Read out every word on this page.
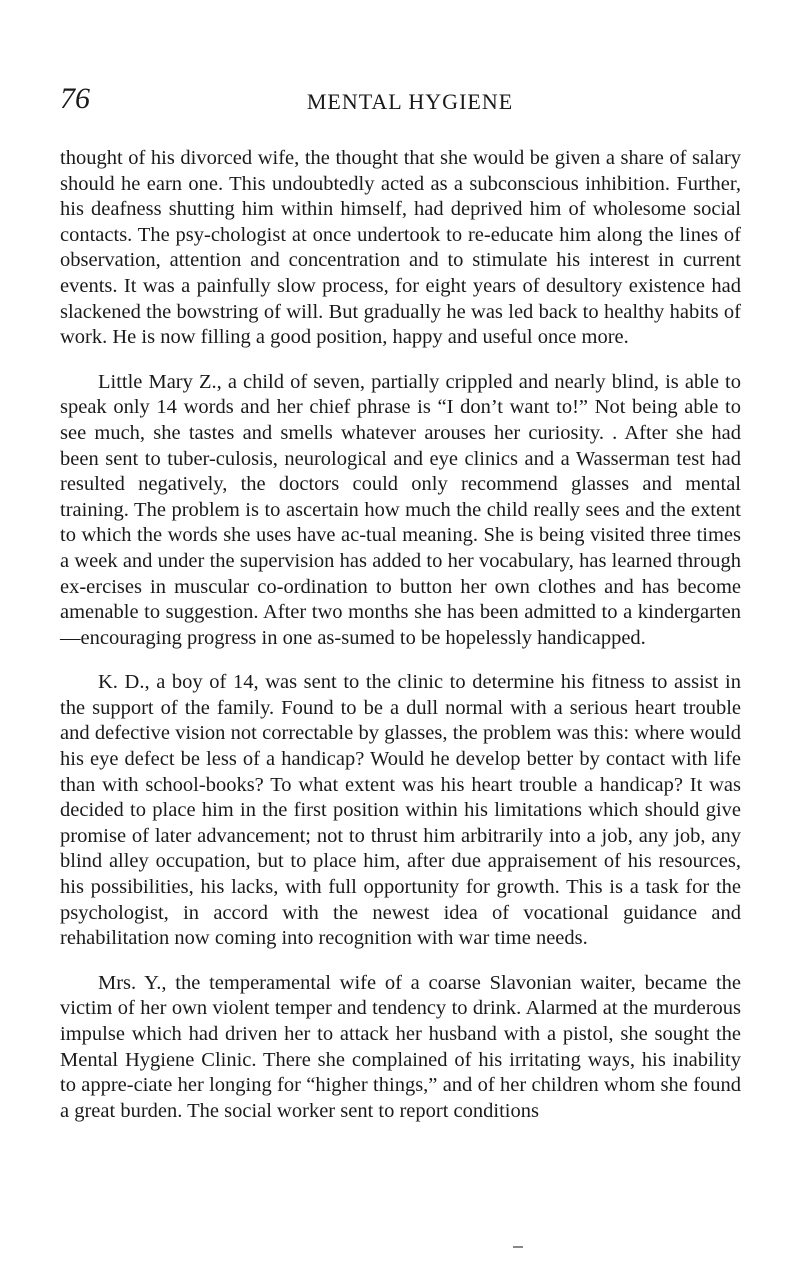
76	MENTAL HYGIENE

thought of his divorced wife, the thought that she would be given a share of salary should he earn one. This undoubtedly acted as a subconscious inhibition. Further, his deafness shutting him within himself, had deprived him of wholesome social contacts. The psy-chologist at once undertook to re-educate him along the lines of observation, attention and concentration and to stimulate his interest in current events. It was a painfully slow process, for eight years of desultory existence had slackened the bowstring of will. But gradually he was led back to healthy habits of work. He is now filling a good position, happy and useful once more.

Little Mary Z., a child of seven, partially crippled and nearly blind, is able to speak only 14 words and her chief phrase is “I don’t want to!” Not being able to see much, she tastes and smells whatever arouses her curiosity. . After she had been sent to tuber-culosis, neurological and eye clinics and a Wasserman test had resulted negatively, the doctors could only recommend glasses and mental training. The problem is to ascertain how much the child really sees and the extent to which the words she uses have ac-tual meaning. She is being visited three times a week and under the supervision has added to her vocabulary, has learned through ex-ercises in muscular co-ordination to button her own clothes and has become amenable to suggestion. After two months she has been admitted to a kindergarten—encouraging progress in one as-sumed to be hopelessly handicapped.

K. D., a boy of 14, was sent to the clinic to determine his fitness to assist in the support of the family. Found to be a dull normal with a serious heart trouble and defective vision not correctable by glasses, the problem was this: where would his eye defect be less of a handicap? Would he develop better by contact with life than with school-books? To what extent was his heart trouble a handicap? It was decided to place him in the first position within his limitations which should give promise of later advancement; not to thrust him arbitrarily into a job, any job, any blind alley occupation, but to place him, after due appraisement of his resources, his possibilities, his lacks, with full opportunity for growth. This is a task for the psychologist, in accord with the newest idea of vocational guidance and rehabilitation now coming into recognition with war time needs.

Mrs. Y., the temperamental wife of a coarse Slavonian waiter, became the victim of her own violent temper and tendency to drink. Alarmed at the murderous impulse which had driven her to attack her husband with a pistol, she sought the Mental Hygiene Clinic. There she complained of his irritating ways, his inability to appre-ciate her longing for “higher things,” and of her children whom she found a great burden. The social worker sent to report conditions
